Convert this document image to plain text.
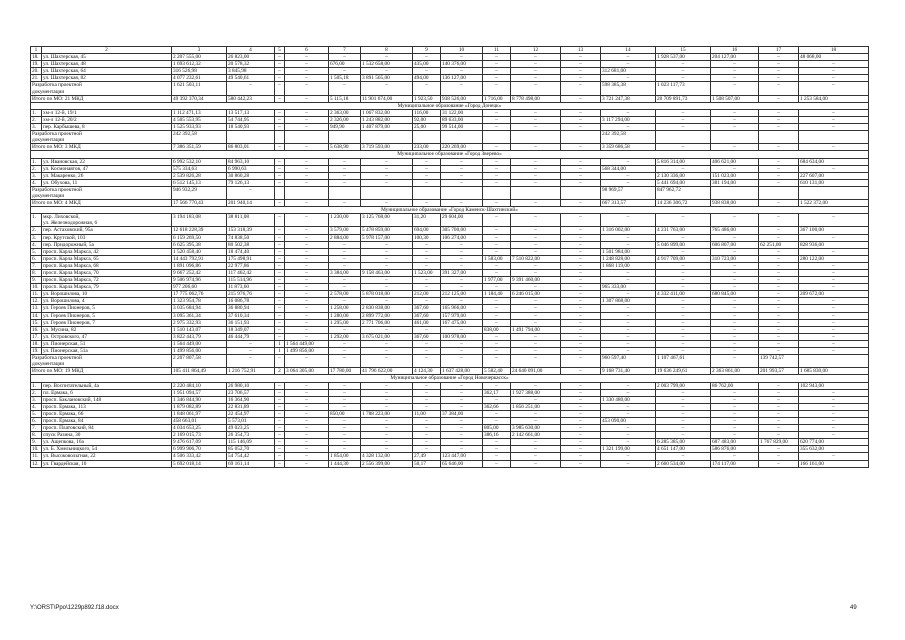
1	2	3	4	5	6	7	8	9	10	11	12	13	14	15	16	17	18
18.	ул. Шахтерская, 45	2 207 555,00	26 823,00	–	–	–	–	–	–	–	–	–	–	1 928 537,00	204 127,00	–	48 068,00
19.	ул. Шахтерская, 48	1 693 612,32	20 578,32	–	–	676,00	1 532 658,00	435,00	140 376,00	–	–	–	–	–	–	–	–
20.	ул. Шахтерская, 64	316 526,98	3 845,98	–	–	–	–	–	–	–	–	–	312 681,00	–	–	–	–
21.	ул. Шахтерская, 82	4 077 232,61	49 540,61	–	–	1 505,18	3 891 565,00	494,00	136 127,00	–	–	–	–	–	–	–	–

Разработка проектной
документации		1 621 503,11	–	–	–	–	–	–	–	–	–	–	598 385,38	1 023 117,73	–	–	–
Итого по МО: 21 МКД		49 392 370,34	580 442,23	–	–	5 115,18	11 901 674,00	1 923,50	938 526,00	1 716,00	8 778 498,00	–	3 721 247,38	20 709 891,73	1 508 507,00	–	1 253 584,00
Муниципальное образование «Город Донецк»																	
1.	хм-л 12-й, 19/1	1 112 471,13	13 517,13	–	–	2 363,00	1 067 832,00	116,00	31 122,00	–	–	–	–	–	–	–	–
2.	хм-л 12-й, 20/2	4 505 553,95	54 744,95	–	–	2 326,00	1 243 882,00	92,00	89 633,00	–	–	–	3 117 294,00	–	–	–	–
3.	пер. Карбышева, 8	1 525 933,93	18 540,93	–	–	949,90	1 407 879,00	25,00	99 514,00	–	–	–	–	–	–	–	–

Разработка проектной
документации		242 392,58											242 392,58				
Итого по МО: 3 МКД		7 386 351,59	86 803,01	–	–	5 638,90	3 719 593,00	233,00	220 269,00	–	–	–	3 359 686,58	–	–	–	–
Муниципальное образование «Город Зверево»																	
1.	ул. Ивановская, 22	6 992 532,10	84 963,10	–	–	–	–	–	–	–	–	–	–	5 816 314,00	406 621,00	–	684 634,00
2.	ул. Космонавтов, 47	575 334,63	6 990,63	–	–	–	–	–	–	–	–	–	568 344,00	–	–	–	–
3.	ул. Макаренко, 26	2 539 826,28	30 860,28	–	–	–	–	–	–	–	–	–	–	2 130 336,00	151 023,00	–	227 607,00
4.	ул. Обухова, 11	6 512 145,13	79 126,13	–	–	–	–	–	–	–	–	–	–	5 441 694,00	381 194,00	–	610 131,00

Разработка проектной
документации		946 932,29	–										98 969,57	847 962,72			
Итого по МО: 4 МКД		17 566 770,43	201 940,14	–	–	–	–	–	–	–	–	–	667 313,57	14 236 306,72	938 838,00	–	1 522 372,00
Муниципальное образование «Город Каменск-Шахтинский»																	
1.	мкр. Лиховской,
ул. Железнодорожная, 6	3 194 183,08	38 811,08	–	–	1 230,00	3 125 768,00	31,20	29 604,00	–	–	–	–	–	–	–	–
2.	пер. Астаховский, 95а	12 618 228,39	153 318,39	–	–	3 579,00	5 478 859,00	694,00	305 700,00	–	–	–	1 316 002,00	4 231 763,00	765 486,00	–	367 100,00
3.	пер. Крутской, 103	6 159 269,50	74 838,50	–	–	2 884,00	5 978 157,00	100,30	106 274,00	–	–	–	–	–	–	–	–
4.	пер. Придорожный, 5а	6 625 395,38	80 502,38	–	–	–	–	–	–	–	–	–	–	5 046 899,00	606 807,00	62 251,00	828 936,00
5.	просп. Карла Маркса, 42	1 520 458,40	18 474,40	–	–	–	–	–	–	–	–	–	1 501 984,00	–	–	–	–
6.	просп. Карла Маркса, 65	14 443 792,91	175 498,91	–	–	–	–	–	–	1 583,00	7 510 822,00	–	1 248 828,00	4 917 709,00	310 723,00	–	280 122,00
7.	просп. Карла Маркса, 68	1 891 096,86	22 977,86	–	–	–	–	–	–	–	–	–	1 868 119,00	–	–	–	–
8.	просп. Карла Маркса, 70	9 667 252,42	117 462,42	–	–	3 384,00	9 158 463,00	1 523,00	391 327,00	–	–	–	–	–	–	–	–
9.	просп. Карла Маркса, 72	9 506 974,96	115 514,96	–	–	–	–	–	–	1 977,00	9 391 460,00	–	–	–	–	–	–
10.	просп. Карла Маркса, 79	977 206,60	11 873,60	–	–	–	–	–	–	–	–	–	965 333,00	–	–	–	–
11.	ул. Ворошилова, 10	17 775 062,76	215 976,76	–	–	2 578,00	5 878 018,00	212,00	212 125,00	1 184,40	6 246 015,00	–	–	4 332 411,00	680 845,00	–	209 672,00
12.	ул. Ворошилова, 4	1 323 954,78	16 086,78	–	–	–	–	–	–	–	–	–	1 307 868,00	–	–	–	–
13.	ул. Героев Пионеров, 5	3 035 684,94	36 880,94	–	–	1 258,00	2 830 838,00	367,60	165 966,00	–	–	–	–	–	–	–	–
14.	ул. Героев Пионеров, 5	3 095 361,34	37 610,34	–	–	1 280,00	2 899 772,00	367,60	157 979,00	–	–	–	–	–	–	–	–
15.	ул. Героев Пионеров, 7	2 975 332,93	36 151,93	–	–	1 295,00	2 771 706,00	461,00	167 475,00	–	–	–	–	–	–	–	–
16.	ул. Мусина, 82	1 510 143,07	18 349,07	–	–	–	–	–	–	838,00	1 491 794,00	–	–	–	–	–	–
17.	ул. Островского, 47	3 822 443,79	46 444,79	–	–	1 292,00	3 675 021,00	367,60	100 978,00	–	–	–	–	–	–	–	–
18.	ул. Пионерская, 51	1 564 449,00	–	1	1 564 449,00	–	–	–	–	–	–	–	–	–	–	–	–
19.	ул. Пионерская, 51а	1 499 856,00	–	1	1 499 856,00	–	–	–	–	–	–	–	–	–	–	–	–

Разработка проектной
документации		2 207 807,58	–	–	–	–	–	–	–	–	–	–	960 597,40	1 107 467,61	–	139 742,57	
Итого по МО: 19 МКД		105 411 864,49	1 216 752,91	2	3 064 305,00	17 780,00	41 796 622,00	4 124,30	1 637 428,00	5 582,40	24 640 091,00	–	9 168 731,40	19 636 249,61	2 363 861,00	201 993,57	1 685 830,00
Муниципальное образование «Город Новочеркасск»																	
1.	пер. Воспитательный, 4а	2 220 484,10	26 980,10	–	–	–	–	–	–	–	–	–	–	2 003 799,00	86 762,00	–	102 943,00
2.	пл. Ермака, 6	1 951 094,57	23 706,57	–	–	–	–	–	–	362,17	1 927 388,00	–	–	–	–	–	–
3.	просп. Баклановский, 148	1 346 844,90	16 364,90	–	–	–	–	–	–	–	–	–	1 330 480,00	–	–	–	–
4.	просп. Ермака, 113	1 879 082,89	22 831,89	–	–	–	–	–	–	362,66	1 856 251,00	–	–	–	–	–	–
5.	просп. Ермака, 66	1 848 061,97	22 454,97	–	–	850,00	1 788 223,00	11,00	37 384,00	–	–	–	–	–	–	–	–
6.	просп. Ермака, 84	458 663,01	5 573,01	–	–	–	–	–	–	–	–	–	453 090,00	–	–	–	–
7.	просп. Платовский, 84	4 034 653,25	49 023,25	–	–	–	–	–	–	805,00	3 985 630,00	–	–	–	–	–	–
8.	спуск Разина, 30	2 169 015,73	26 354,73	–	–	–	–	–	–	386,16	2 142 661,00	–	–	–	–	–	–
9.	ул. Ащепкова, 16а	9 476 617,09	115 146,09	–	–	–	–	–	–	–	–	–	–	6 285 385,00	687 483,00	1 767 829,00	620 774,00
10.	ул. Б. Хмельницкого, 54	6 999 906,70	85 052,70	–	–	–	–	–	–	–	–	–	1 321 199,00	4 651 147,00	586 876,00	–	355 632,00
11.	ул. Высоковольтная, 22	4 506 333,42	54 754,42	–	–	1 854,00	4 328 132,00	27,49	123 447,00	–	–	–	–	–	–	–	–
12.	ул. Гвардейская, 10	5 692 018,14	69 161,14	–	–	1 444,30	2 556 399,00	50,17	65 646,00	–	–	–	–	2 660 534,00	174 117,00	–	166 161,00
Y:\ORST\Ppo\1229p892.f18.docx	49
